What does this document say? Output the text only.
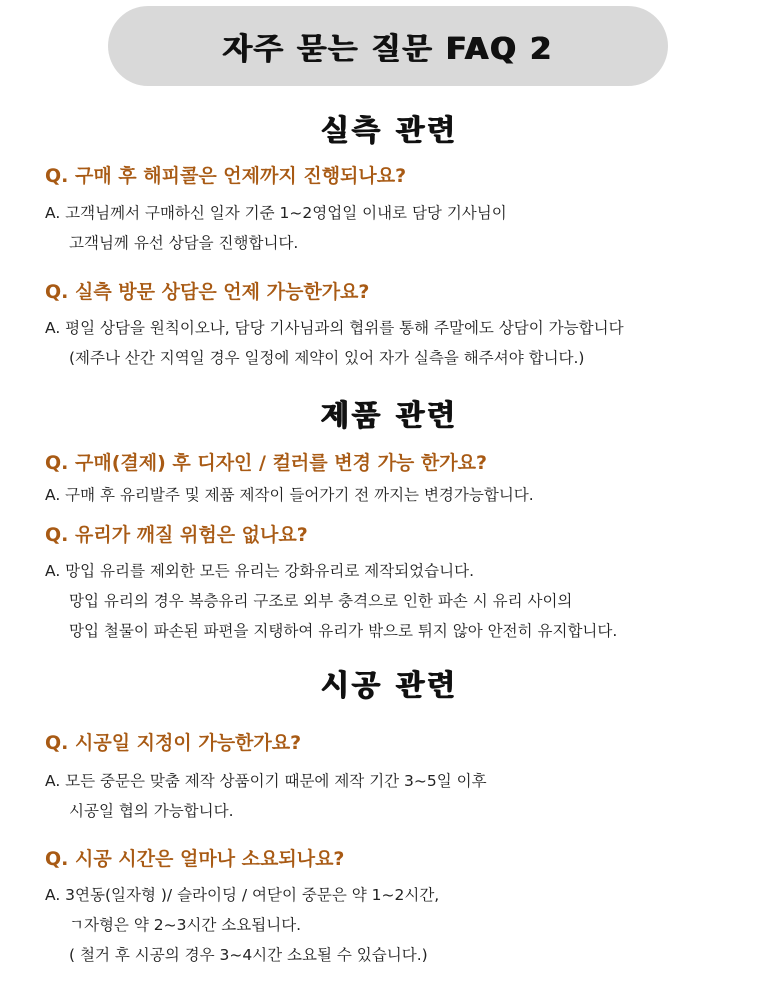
자주 묻는 질문 FAQ 2
실측 관련
Q. 구매 후 해피콜은 언제까지 진행되나요?
A. 고객님께서 구매하신 일자 기준 1~2영업일 이내로 담당 기사님이
고객님께 유선 상담을 진행합니다.
Q. 실측 방문 상담은 언제 가능한가요?
A. 평일 상담을 원칙이오나, 담당 기사님과의 협위를 통해 주말에도 상담이 가능합니다
(제주나 산간 지역일 경우 일정에 제약이 있어 자가 실측을 해주셔야 합니다.)
제품 관련
Q. 구매(결제) 후 디자인 / 컬러를 변경 가능 한가요?
A. 구매 후 유리발주 및 제품 제작이 들어가기 전 까지는 변경가능합니다.
Q. 유리가 깨질 위험은 없나요?
A. 망입 유리를 제외한 모든 유리는 강화유리로 제작되었습니다.
망입 유리의 경우 복층유리 구조로 외부 충격으로 인한 파손 시 유리 사이의
망입 철물이 파손된 파편을 지탱하여 유리가 밖으로 튀지 않아 안전히 유지합니다.
시공 관련
Q. 시공일 지정이 가능한가요?
A. 모든 중문은 맞춤 제작 상품이기 때문에 제작 기간 3~5일 이후
시공일 협의 가능합니다.
Q. 시공 시간은 얼마나 소요되나요?
A. 3연동(일자형 )/ 슬라이딩 / 여닫이 중문은 약 1~2시간,
ㄱ자형은 약 2~3시간 소요됩니다.
( 철거 후 시공의 경우 3~4시간 소요될 수 있습니다.)
